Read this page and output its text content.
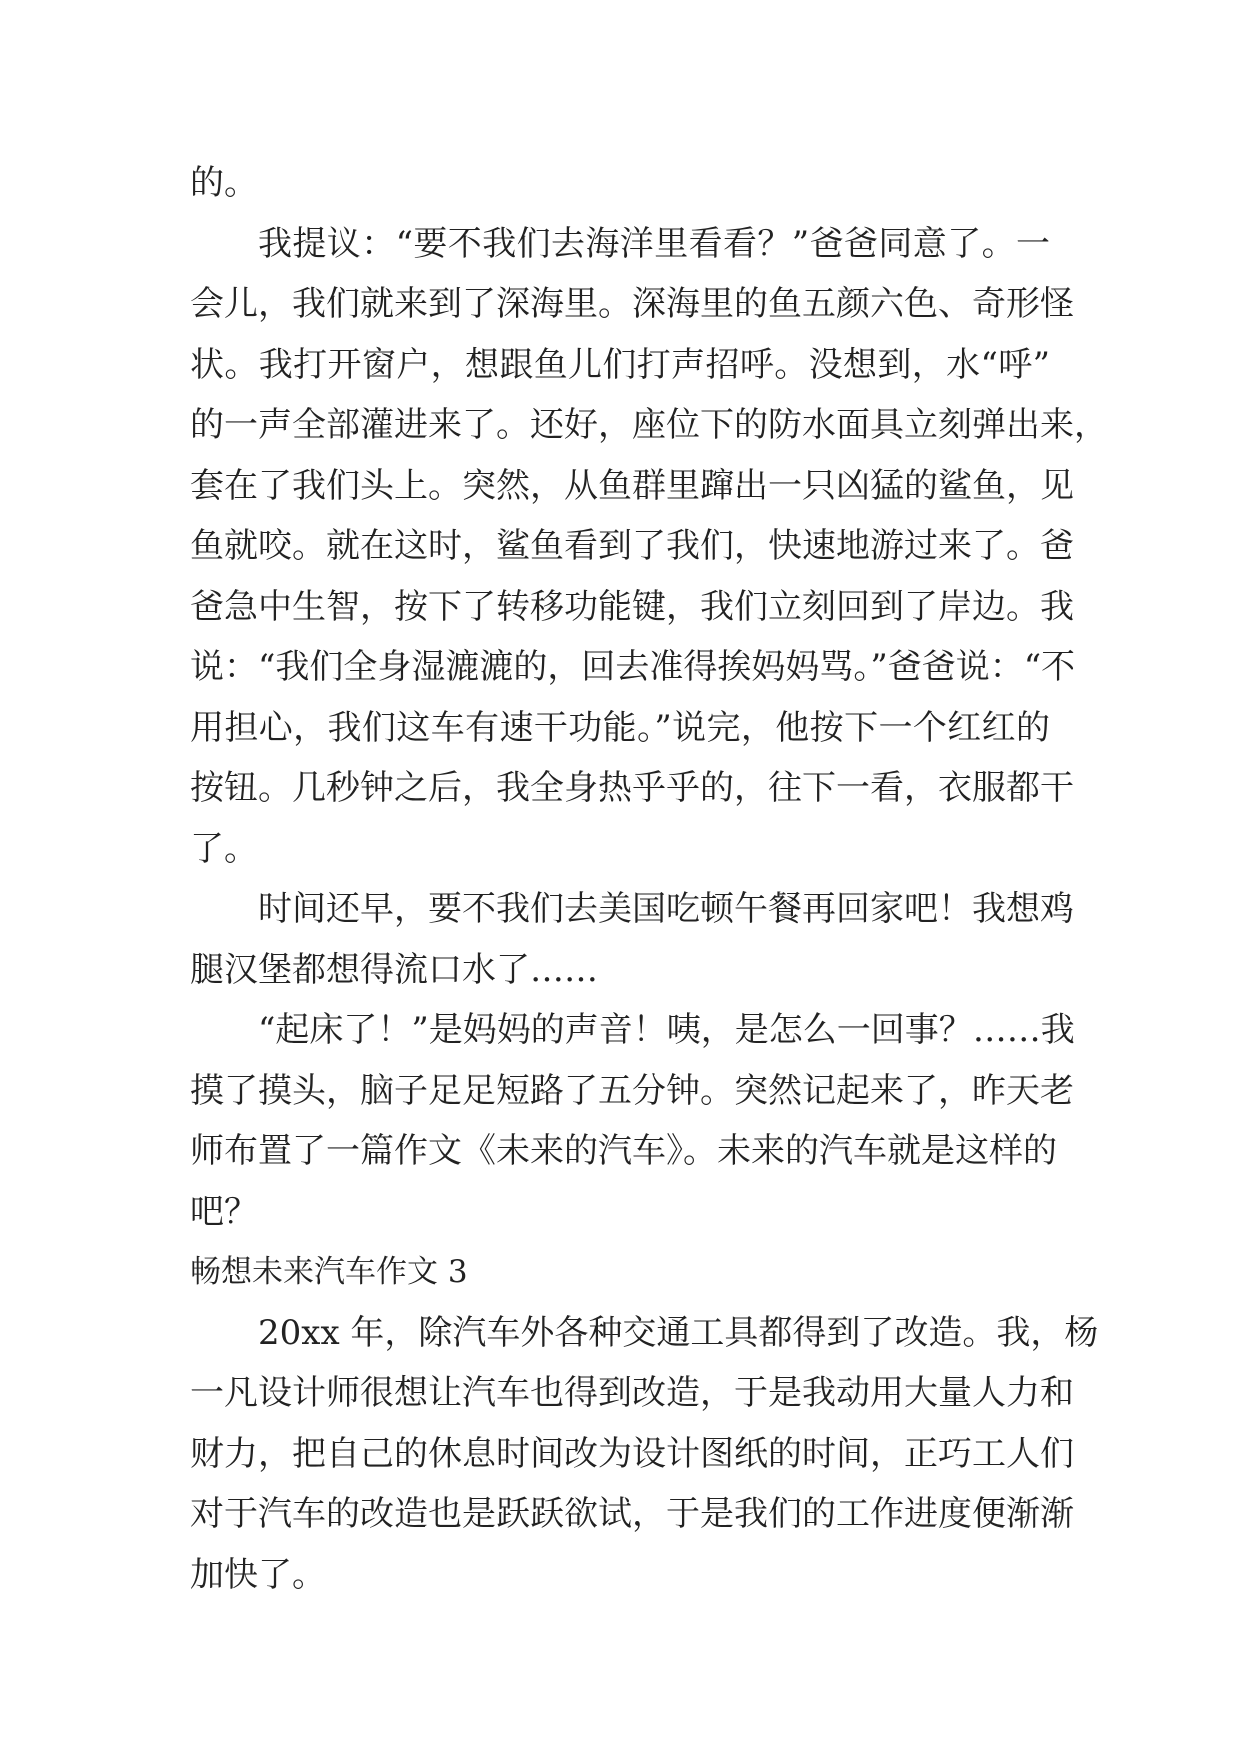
的。
我提议：“要不我们去海洋里看看？”爸爸同意了。一
会儿，我们就来到了深海里。深海里的鱼五颜六色、奇形怪
状。我打开窗户，想跟鱼儿们打声招呼。没想到，水“呼”
的一声全部灌进来了。还好，座位下的防水面具立刻弹出来，
套在了我们头上。突然，从鱼群里蹿出一只凶猛的鲨鱼，见
鱼就咬。就在这时，鲨鱼看到了我们，快速地游过来了。爸
爸急中生智，按下了转移功能键，我们立刻回到了岸边。我
说：“我们全身湿漉漉的，回去准得挨妈妈骂。”爸爸说：“不
用担心，我们这车有速干功能。”说完，他按下一个红红的
按钮。几秒钟之后，我全身热乎乎的，往下一看，衣服都干
了。
时间还早，要不我们去美国吃顿午餐再回家吧！我想鸡
腿汉堡都想得流口水了……
“起床了！”是妈妈的声音！咦，是怎么一回事？……我
摸了摸头，脑子足足短路了五分钟。突然记起来了，昨天老
师布置了一篇作文《未来的汽车》。未来的汽车就是这样的
吧？
畅想未来汽车作文 3
20xx 年，除汽车外各种交通工具都得到了改造。我，杨
一凡设计师很想让汽车也得到改造，于是我动用大量人力和
财力，把自己的休息时间改为设计图纸的时间，正巧工人们
对于汽车的改造也是跃跃欲试，于是我们的工作进度便渐渐
加快了。
